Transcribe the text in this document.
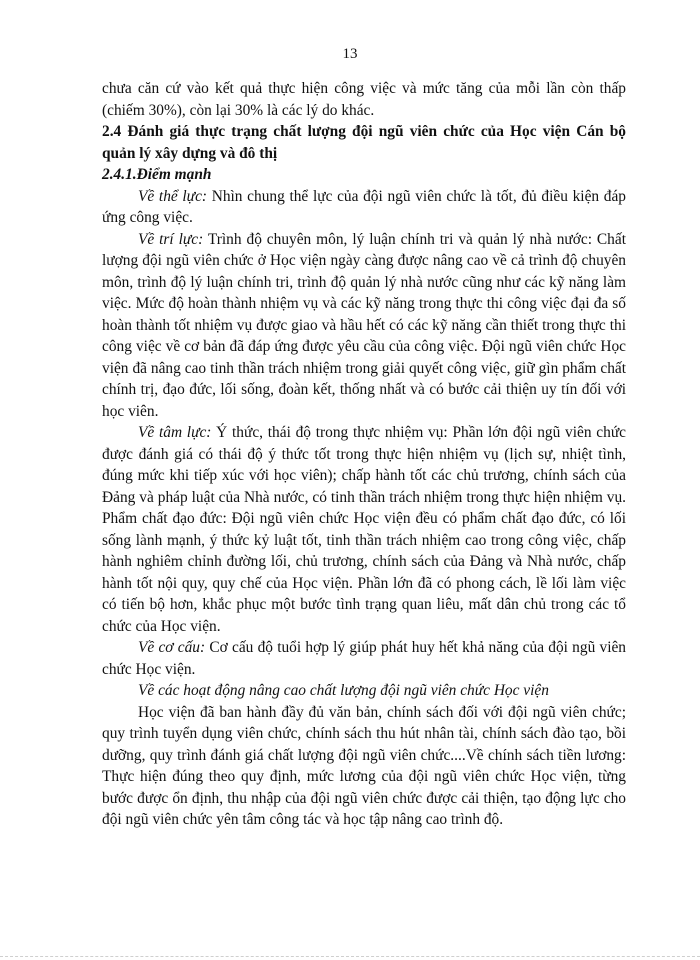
13

chưa căn cứ vào kết quả thực hiện công việc và mức tăng của mỗi lần còn thấp (chiếm 30%), còn lại 30% là các lý do khác.

2.4 Đánh giá thực trạng chất lượng đội ngũ viên chức của Học viện Cán bộ quản lý xây dựng và đô thị

2.4.1.Điểm mạnh

Về thể lực: Nhìn chung thể lực của đội ngũ viên chức là tốt, đủ điều kiện đáp ứng công việc.

Về trí lực: Trình độ chuyên môn, lý luận chính tri và quản lý nhà nước: Chất lượng đội ngũ viên chức ở Học viện ngày càng được nâng cao về cả trình độ chuyên môn, trình độ lý luận chính tri, trình độ quản lý nhà nước cũng như các kỹ năng làm việc. Mức độ hoàn thành nhiệm vụ và các kỹ năng trong thực thi công việc đại đa số hoàn thành tốt nhiệm vụ được giao và hầu hết có các kỹ năng cần thiết trong thực thi công việc về cơ bản đã đáp ứng được yêu cầu của công việc. Đội ngũ viên chức Học viện đã nâng cao tinh thần trách nhiệm trong giải quyết công việc, giữ gìn phẩm chất chính trị, đạo đức, lối sống, đoàn kết, thống nhất và có bước cải thiện uy tín đối với học viên.

Về tâm lực: Ý thức, thái độ trong thực nhiệm vụ: Phần lớn đội ngũ viên chức được đánh giá có thái độ ý thức tốt trong thực hiện nhiệm vụ (lịch sự, nhiệt tình, đúng mức khi tiếp xúc với học viên); chấp hành tốt các chủ trương, chính sách của Đảng và pháp luật của Nhà nước, có tinh thần trách nhiệm trong thực hiện nhiệm vụ. Phẩm chất đạo đức: Đội ngũ viên chức Học viện đều có phẩm chất đạo đức, có lối sống lành mạnh, ý thức kỷ luật tốt, tinh thần trách nhiệm cao trong công việc, chấp hành nghiêm chỉnh đường lối, chủ trương, chính sách của Đảng và Nhà nước, chấp hành tốt nội quy, quy chế của Học viện. Phần lớn đã có phong cách, lề lối làm việc có tiến bộ hơn, khắc phục một bước tình trạng quan liêu, mất dân chủ trong các tổ chức của Học viện.

Về cơ cấu: Cơ cấu độ tuổi hợp lý giúp phát huy hết khả năng của đội ngũ viên chức Học viện.

Về các hoạt động nâng cao chất lượng đội ngũ viên chức Học viện

Học viện đã ban hành đầy đủ văn bản, chính sách đối với đội ngũ viên chức; quy trình tuyển dụng viên chức, chính sách thu hút nhân tài, chính sách đào tạo, bồi dưỡng, quy trình đánh giá chất lượng đội ngũ viên chức....Về chính sách tiền lương: Thực hiện đúng theo quy định, mức lương của đội ngũ viên chức Học viện, từng bước được ổn định, thu nhập của đội ngũ viên chức được cải thiện, tạo động lực cho đội ngũ viên chức yên tâm công tác và học tập nâng cao trình độ.
